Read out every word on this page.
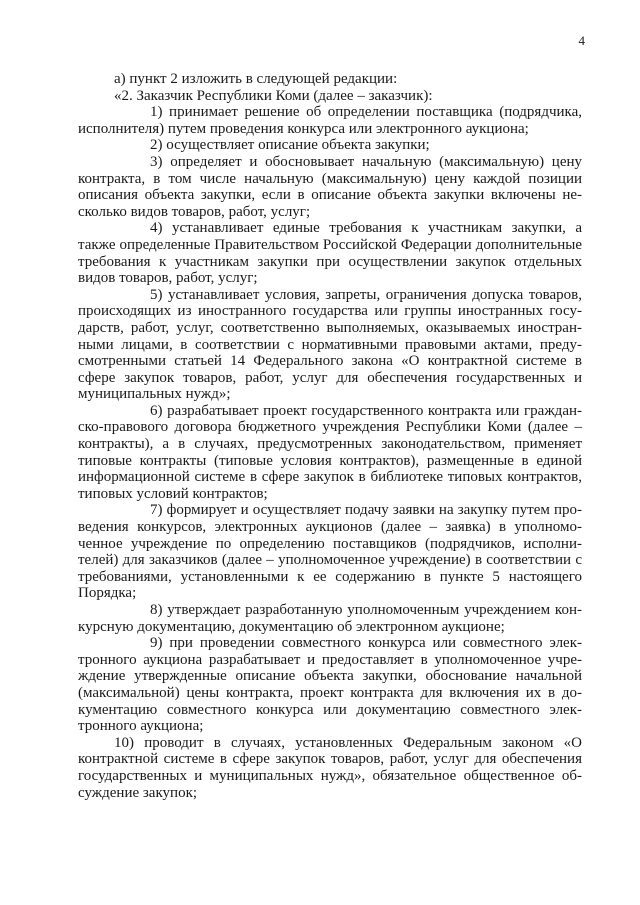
4

а) пункт 2 изложить в следующей редакции:

«2. Заказчик Республики Коми (далее – заказчик):

1) принимает решение об определении поставщика (подрядчика, исполнителя) путем проведения конкурса или электронного аукциона;

2) осуществляет описание объекта закупки;

3) определяет и обосновывает начальную (максимальную) цену контракта, в том числе начальную (максимальную) цену каждой позиции описания объекта закупки, если в описание объекта закупки включены несколько видов товаров, работ, услуг;

4) устанавливает единые требования к участникам закупки, а также определенные Правительством Российской Федерации дополнительные требования к участникам закупки при осуществлении закупок отдельных видов товаров, работ, услуг;

5) устанавливает условия, запреты, ограничения допуска товаров, происходящих из иностранного государства или группы иностранных государств, работ, услуг, соответственно выполняемых, оказываемых иностранными лицами, в соответствии с нормативными правовыми актами, предусмотренными статьей 14 Федерального закона «О контрактной системе в сфере закупок товаров, работ, услуг для обеспечения государственных и муниципальных нужд»;

6) разрабатывает проект государственного контракта или гражданско-правового договора бюджетного учреждения Республики Коми (далее – контракты), а в случаях, предусмотренных законодательством, применяет типовые контракты (типовые условия контрактов), размещенные в единой информационной системе в сфере закупок в библиотеке типовых контрактов, типовых условий контрактов;

7) формирует и осуществляет подачу заявки на закупку путем проведения конкурсов, электронных аукционов (далее – заявка) в уполномоченное учреждение по определению поставщиков (подрядчиков, исполнителей) для заказчиков (далее – уполномоченное учреждение) в соответствии с требованиями, установленными к ее содержанию в пункте 5 настоящего Порядка;

8) утверждает разработанную уполномоченным учреждением конкурсную документацию, документацию об электронном аукционе;

9) при проведении совместного конкурса или совместного электронного аукциона разрабатывает и предоставляет в уполномоченное учреждение утвержденные описание объекта закупки, обоснование начальной (максимальной) цены контракта, проект контракта для включения их в документацию совместного конкурса или документацию совместного электронного аукциона;

10) проводит в случаях, установленных Федеральным законом «О контрактной системе в сфере закупок товаров, работ, услуг для обеспечения государственных и муниципальных нужд», обязательное общественное обсуждение закупок;
